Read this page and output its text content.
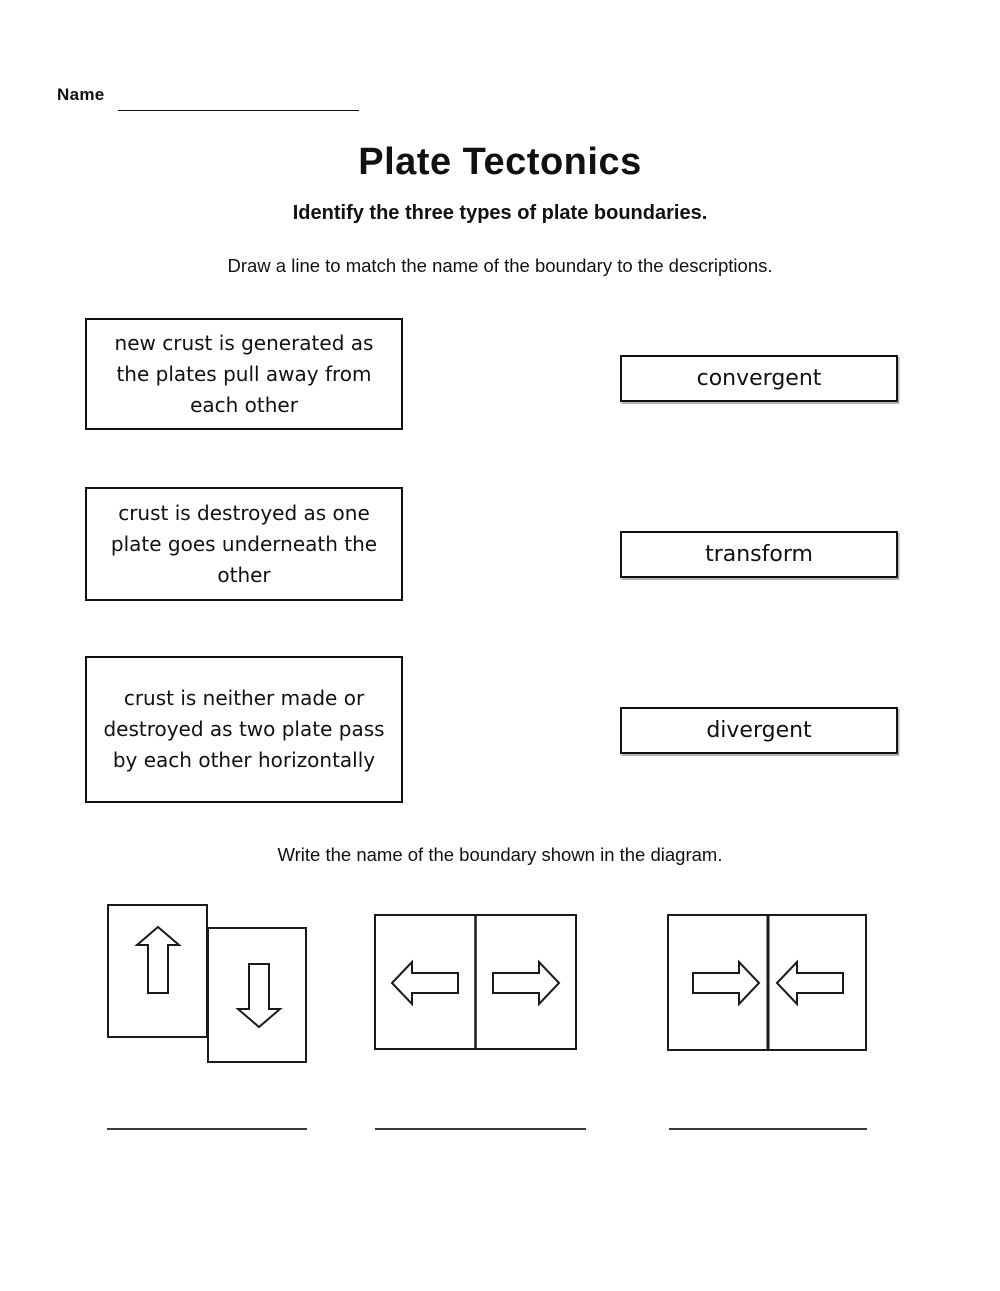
Name
Plate Tectonics
Identify the three types of plate boundaries.
Draw a line to match the name of the boundary to the descriptions.
new crust is generated as the plates pull away from each other
crust is destroyed as one plate goes underneath the other
crust is neither made or destroyed as two plate pass by each other horizontally
convergent
transform
divergent
Write the name of the boundary shown in the diagram.
